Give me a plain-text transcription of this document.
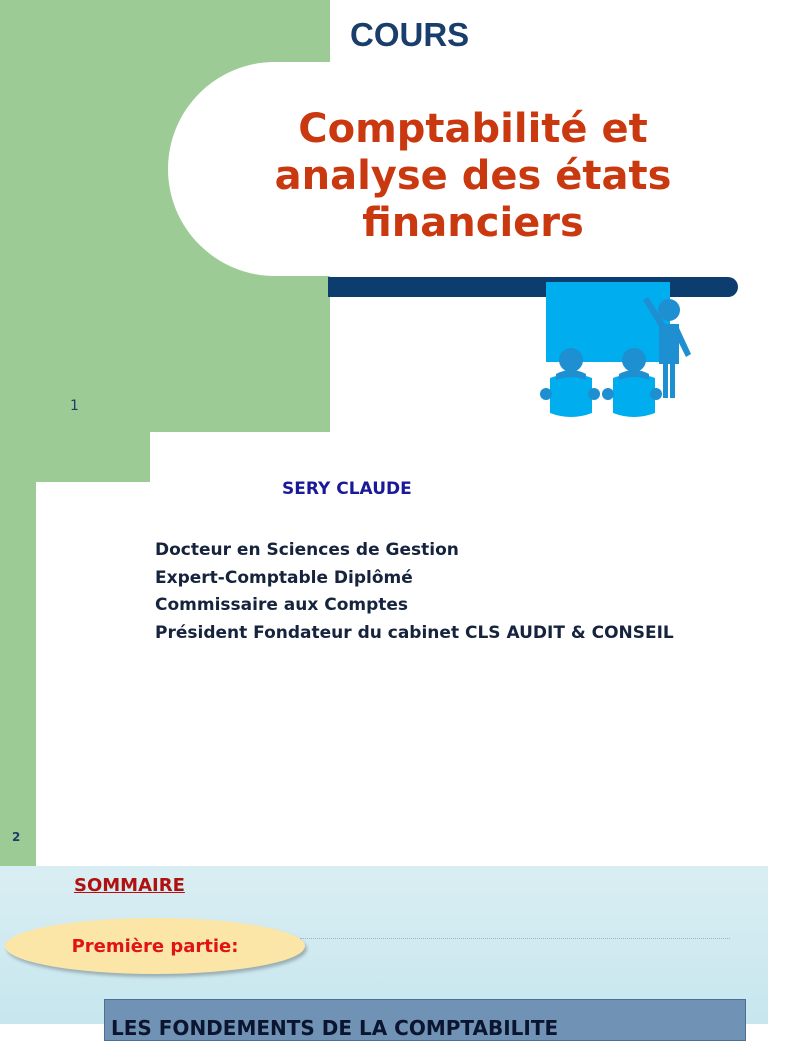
COURS
Comptabilité et analyse des états financiers
1
SERY CLAUDE
Docteur en Sciences de Gestion
Expert-Comptable Diplômé
Commissaire aux Comptes
Président Fondateur du cabinet CLS AUDIT & CONSEIL
2
SOMMAIRE
Première partie:
LES FONDEMENTS DE LA COMPTABILITE
